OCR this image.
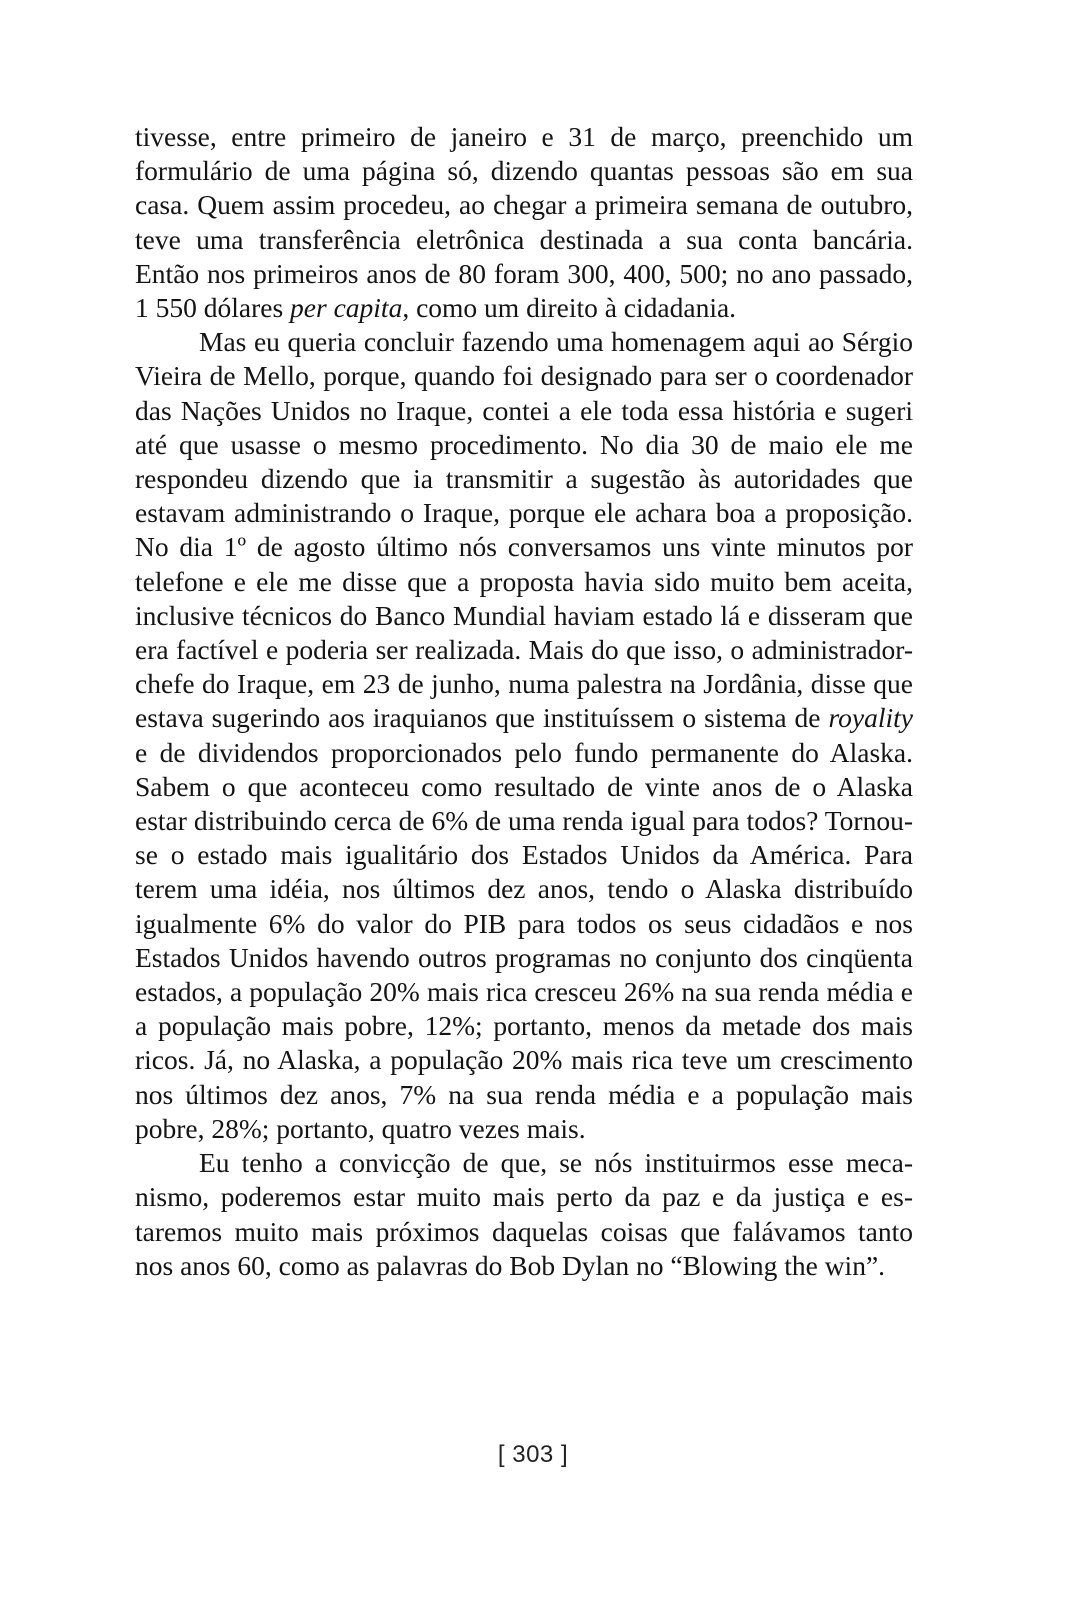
tivesse, entre primeiro de janeiro e 31 de março, preenchido um formulário de uma página só, dizendo quantas pessoas são em sua casa. Quem assim procedeu, ao chegar a primeira semana de outubro, teve uma transferência eletrônica destinada a sua conta bancária. Então nos primeiros anos de 80 foram 300, 400, 500; no ano passado, 1 550 dólares per capita, como um direito à cidadania.

Mas eu queria concluir fazendo uma homenagem aqui ao Sérgio Vieira de Mello, porque, quando foi designado para ser o coordenador das Nações Unidos no Iraque, contei a ele toda essa história e sugeri até que usasse o mesmo procedimento. No dia 30 de maio ele me respondeu dizendo que ia transmitir a sugestão às autoridades que estavam administrando o Iraque, porque ele achara boa a proposição. No dia 1º de agosto último nós conversamos uns vinte minutos por telefone e ele me disse que a proposta havia sido muito bem aceita, inclusive técnicos do Banco Mundial haviam estado lá e disseram que era factível e poderia ser realizada. Mais do que isso, o administrador-chefe do Iraque, em 23 de junho, numa palestra na Jordânia, disse que estava sugerindo aos iraquianos que instituíssem o sistema de royality e de dividendos proporcionados pelo fundo permanente do Alaska. Sabem o que aconteceu como resultado de vinte anos de o Alaska estar distribuindo cerca de 6% de uma renda igual para todos? Tornou-se o estado mais igualitário dos Estados Unidos da América. Para terem uma idéia, nos últimos dez anos, tendo o Alaska distribuído igualmente 6% do valor do PIB para todos os seus cidadãos e nos Estados Unidos havendo outros programas no conjunto dos cinqüenta estados, a população 20% mais rica cresceu 26% na sua renda média e a população mais pobre, 12%; portanto, menos da metade dos mais ricos. Já, no Alaska, a população 20% mais rica teve um crescimento nos últimos dez anos, 7% na sua renda média e a população mais pobre, 28%; portanto, quatro vezes mais.

Eu tenho a convicção de que, se nós instituirmos esse mecanismo, poderemos estar muito mais perto da paz e da justiça e estaremos muito mais próximos daquelas coisas que falávamos tanto nos anos 60, como as palavras do Bob Dylan no “Blowing the win”.

[ 303 ]
